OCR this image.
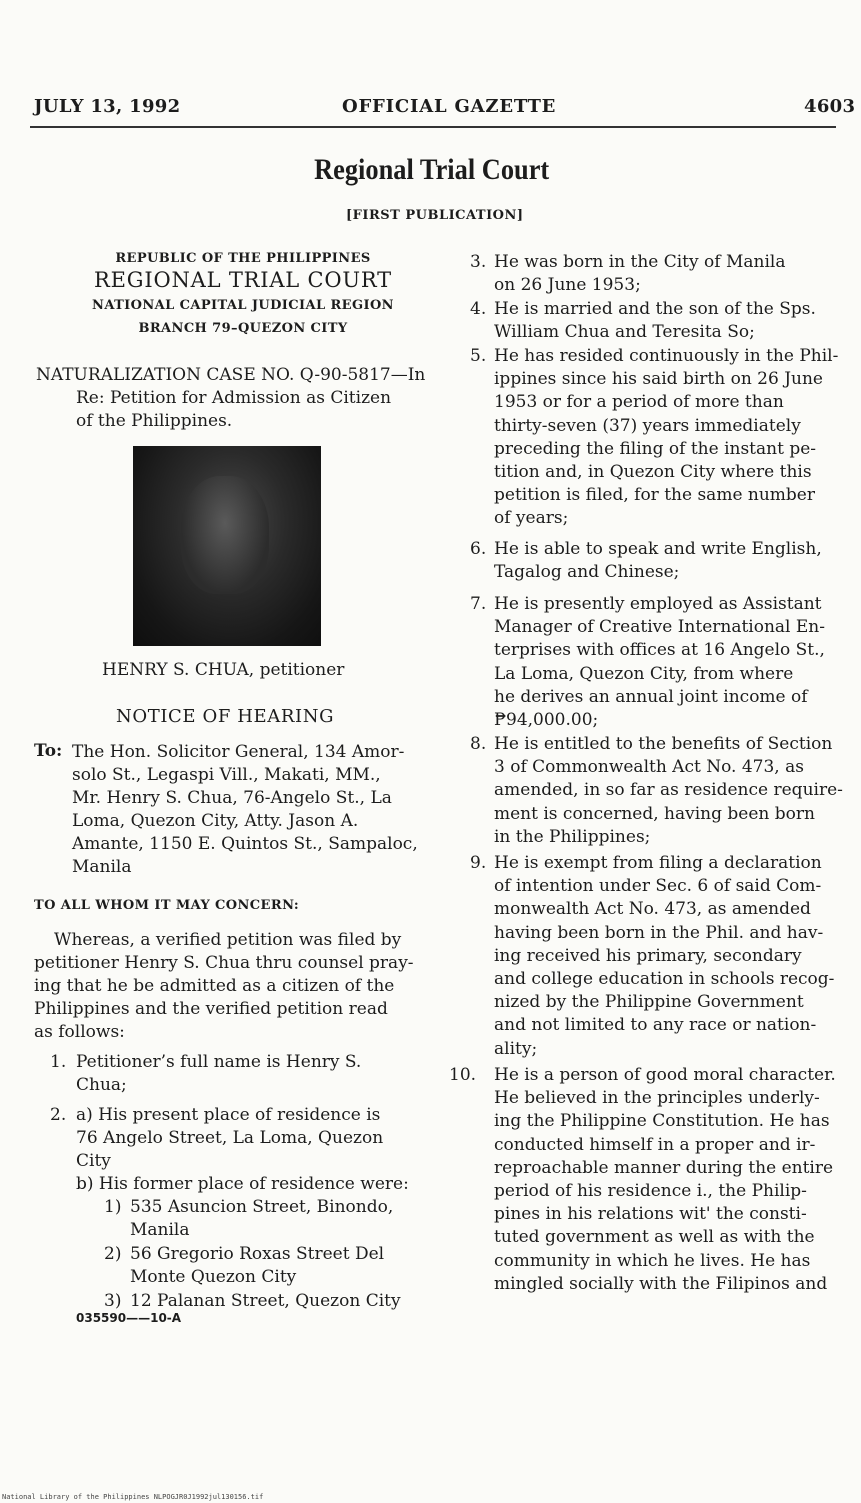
JULY 13, 1992	OFFICIAL GAZETTE	4603
Regional Trial Court
[FIRST PUBLICATION]
REPUBLIC OF THE PHILIPPINES
REGIONAL TRIAL COURT
NATIONAL CAPITAL JUDICIAL REGION
BRANCH 79–QUEZON CITY
NATURALIZATION CASE NO. Q-90-5817—In
Re: Petition for Admission as Citizen
of the Philippines.
HENRY S. CHUA, petitioner
NOTICE OF HEARING
To: The Hon. Solicitor General, 134 Amor-
solo St., Legaspi Vill., Makati, MM.,
Mr. Henry S. Chua, 76-Angelo St., La
Loma, Quezon City, Atty. Jason A.
Amante, 1150 E. Quintos St., Sampaloc,
Manila
TO ALL WHOM IT MAY CONCERN:
Whereas, a verified petition was filed by
petitioner Henry S. Chua thru counsel pray-
ing that he be admitted as a citizen of the
Philippines and the verified petition read
as follows:
1. Petitioner’s full name is Henry S.
Chua;
2. a) His present place of residence is
76 Angelo Street, La Loma, Quezon
City
b) His former place of residence were:
1) 535 Asuncion Street, Binondo,
Manila
2) 56 Gregorio Roxas Street Del
Monte Quezon City
3) 12 Palanan Street, Quezon City
035590——10-A
3. He was born in the City of Manila
on 26 June 1953;
4. He is married and the son of the Sps.
William Chua and Teresita So;
5. He has resided continuously in the Phil-
ippines since his said birth on 26 June
1953 or for a period of more than
thirty-seven (37) years immediately
preceding the filing of the instant pe-
tition and, in Quezon City where this
petition is filed, for the same number
of years;
6. He is able to speak and write English,
Tagalog and Chinese;
7. He is presently employed as Assistant
Manager of Creative International En-
terprises with offices at 16 Angelo St.,
La Loma, Quezon City, from where
he derives an annual joint income of
₱94,000.00;
8. He is entitled to the benefits of Section
3 of Commonwealth Act No. 473, as
amended, in so far as residence require-
ment is concerned, having been born
in the Philippines;
9. He is exempt from filing a declaration
of intention under Sec. 6 of said Com-
monwealth Act No. 473, as amended
having been born in the Phil. and hav-
ing received his primary, secondary
and college education in schools recog-
nized by the Philippine Government
and not limited to any race or nation-
ality;
10. He is a person of good moral character.
He believed in the principles underly-
ing the Philippine Constitution. He has
conducted himself in a proper and ir-
reproachable manner during the entire
period of his residence i., the Philip-
pines in his relations wit' the consti-
tuted government as well as with the
community in which he lives. He has
mingled socially with the Filipinos and
National Library of the Philippines NLPOGJR0J1992jul130156.tif
